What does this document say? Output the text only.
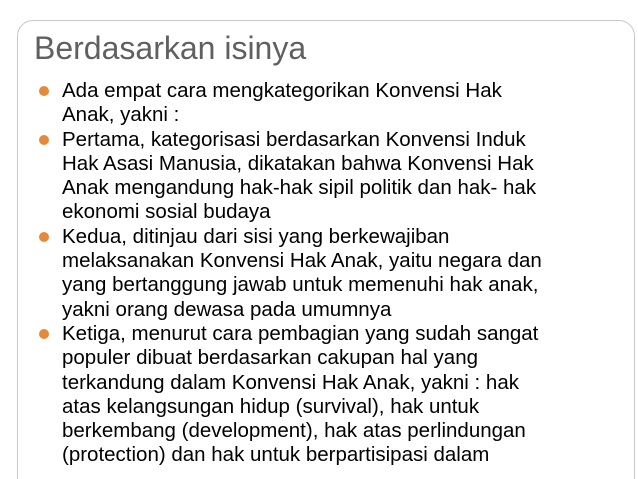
Berdasarkan isinya
Ada empat cara mengkategorikan Konvensi Hak
Anak, yakni :
Pertama, kategorisasi berdasarkan Konvensi Induk
Hak Asasi Manusia, dikatakan bahwa Konvensi Hak
Anak mengandung hak-hak sipil politik dan hak- hak
ekonomi sosial budaya
Kedua, ditinjau dari sisi yang berkewajiban
melaksanakan Konvensi Hak Anak, yaitu negara dan
yang bertanggung jawab untuk memenuhi hak anak,
yakni orang dewasa pada umumnya
Ketiga, menurut cara pembagian yang sudah sangat
populer dibuat berdasarkan cakupan hal yang
terkandung dalam Konvensi Hak Anak, yakni : hak
atas kelangsungan hidup (survival), hak untuk
berkembang (development), hak atas perlindungan
(protection) dan hak untuk berpartisipasi dalam
